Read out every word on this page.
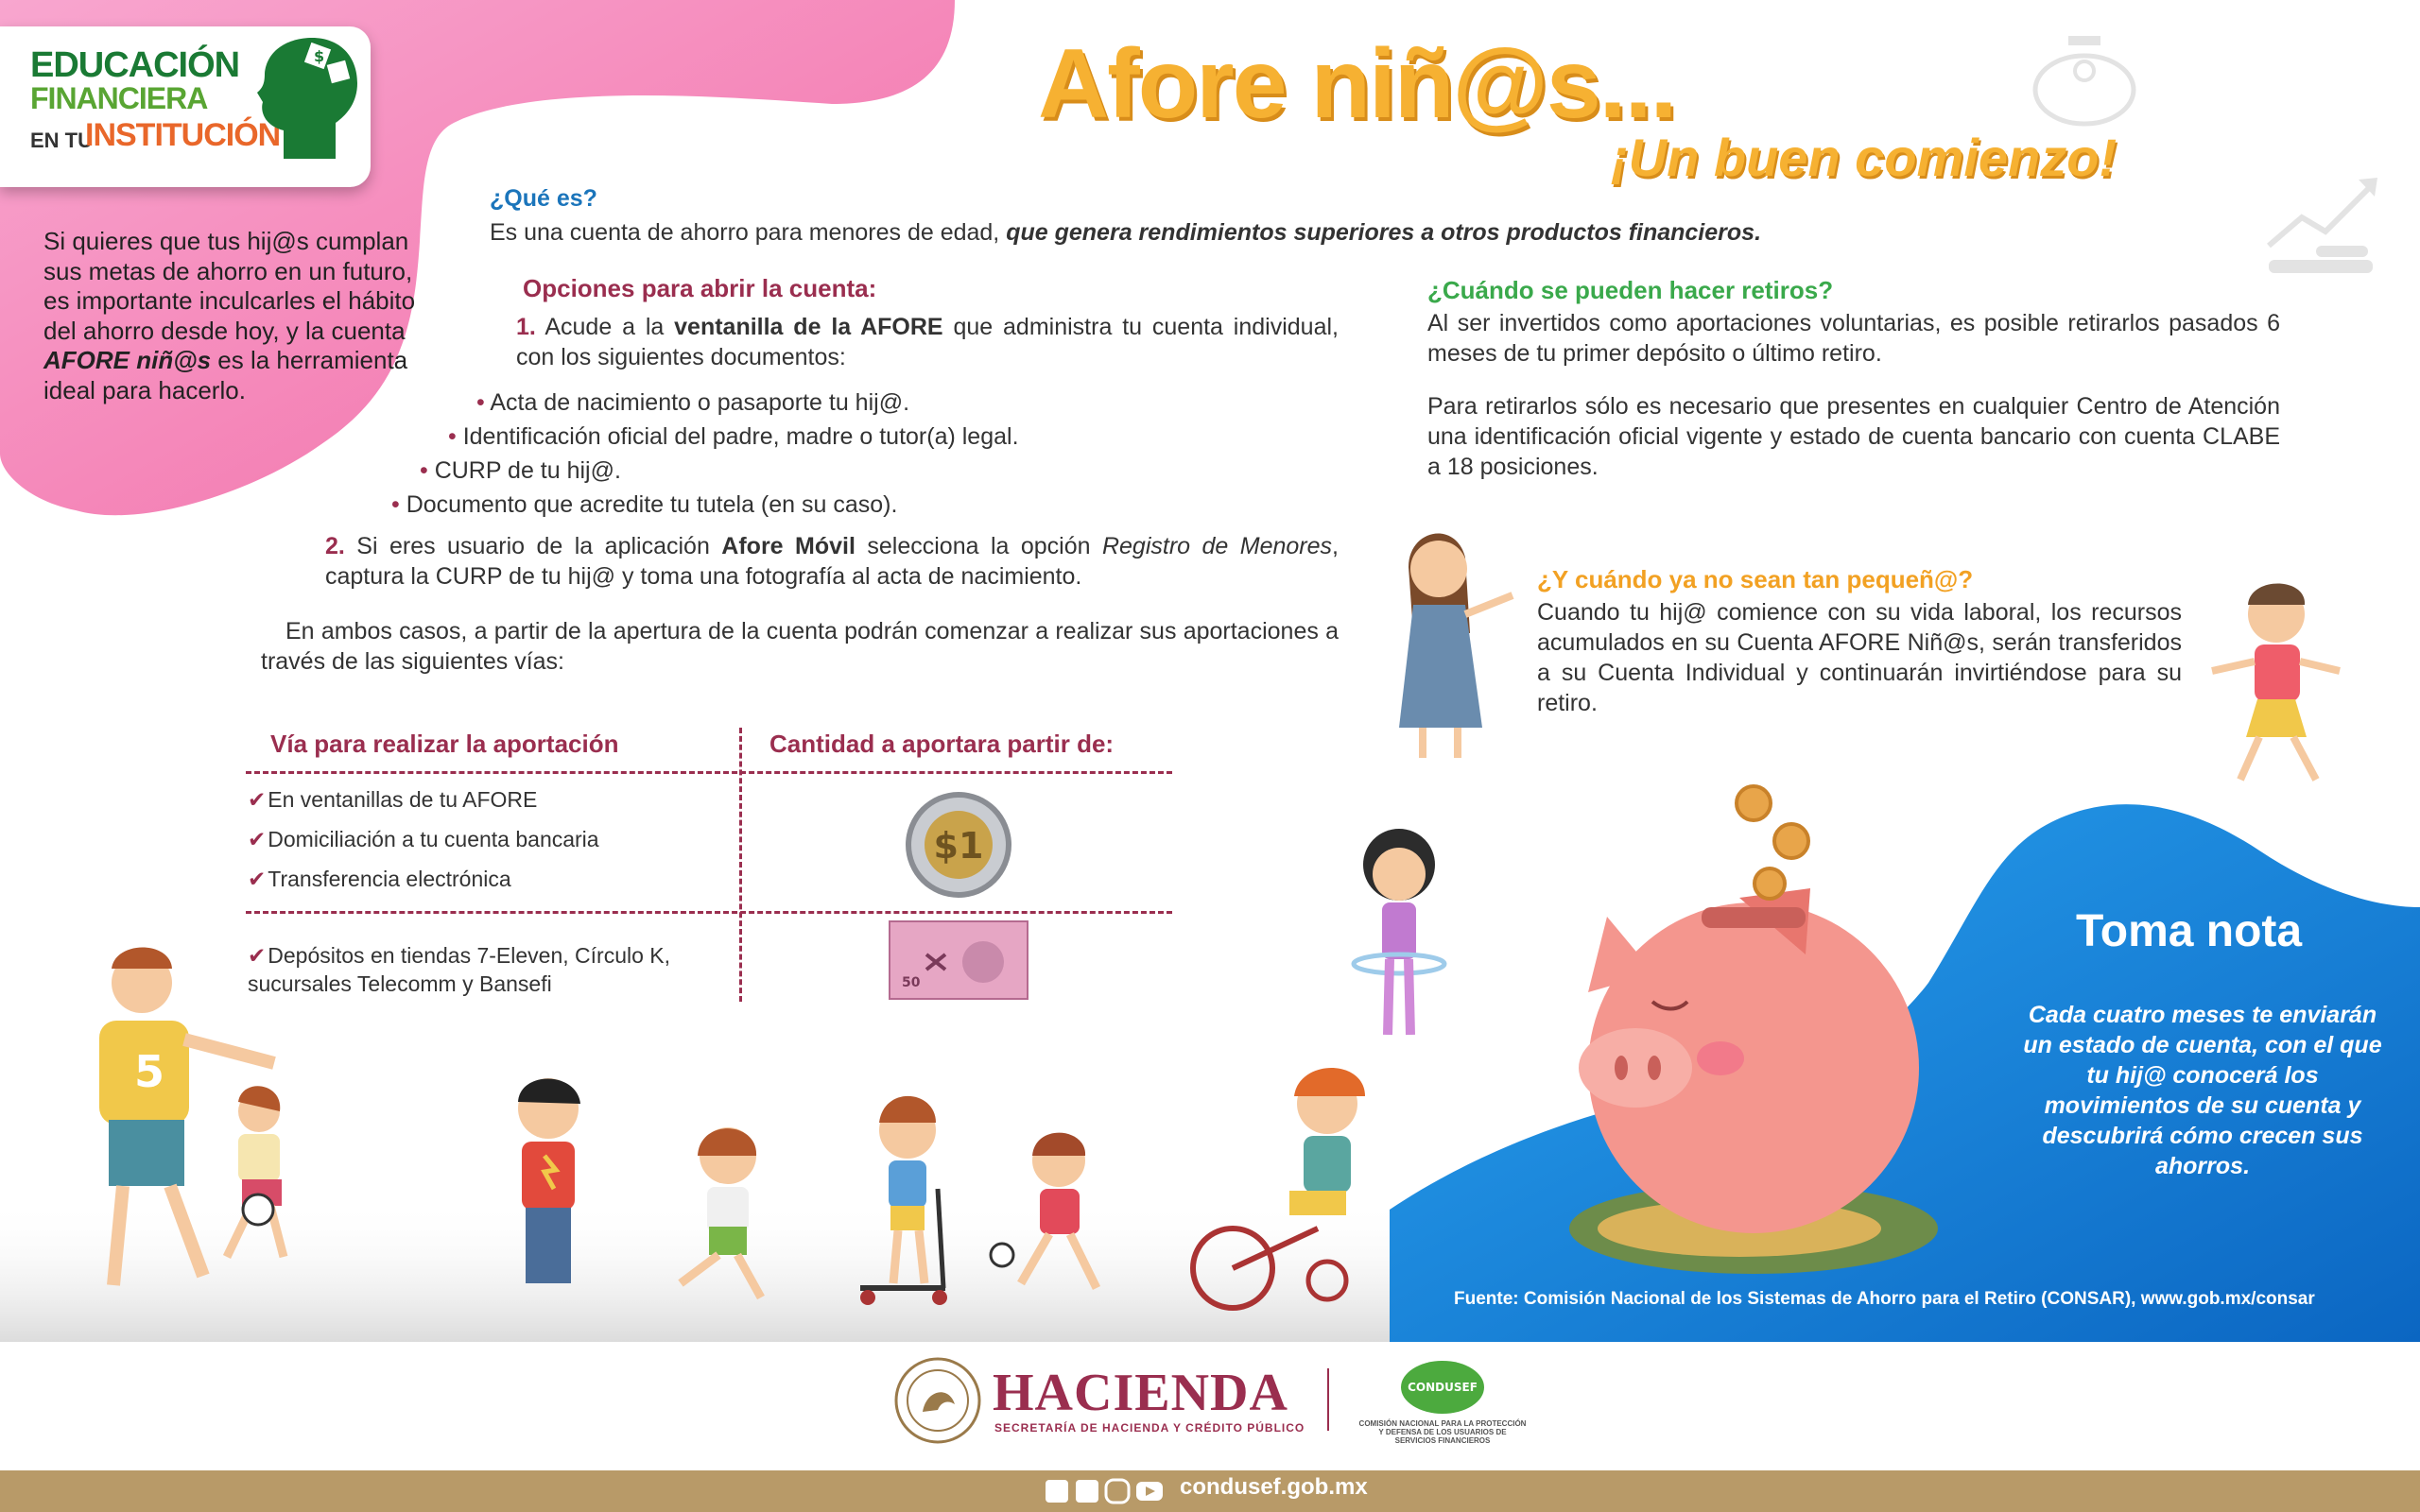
EDUCACIÓN
FINANCIERA
EN TU
INSTITUCIÓN
$
Si quieres que tus hij@s cumplan sus metas de ahorro en un futuro, es importante inculcarles el hábito del ahorro desde hoy, y la cuenta AFORE niñ@s es la herramienta ideal para hacerlo.
Afore niñ@s...
¡Un buen comienzo!
¿Qué es?
Es una cuenta de ahorro para menores de edad, que genera rendimientos superiores a otros productos financieros.
Opciones para abrir la cuenta:
1. Acude a la ventanilla de la AFORE que administra tu cuenta individual, con los siguientes documentos:
• Acta de nacimiento o pasaporte tu hij@.
• Identificación oficial del padre, madre o tutor(a) legal.
• CURP de tu hij@.
• Documento que acredite tu tutela (en su caso).
2. Si eres usuario de la aplicación Afore Móvil selecciona la opción Registro de Menores, captura la CURP de tu hij@ y toma una fotografía al acta de nacimiento.
En ambos casos, a partir de la apertura de la cuenta podrán comenzar a realizar sus aportaciones a través de las siguientes vías:
Vía para realizar la aportación	Cantidad a aportara partir de:
✔ En ventanillas de tu AFORE
✔ Domiciliación a tu cuenta bancaria
✔ Transferencia electrónica
✔ Depósitos en tiendas 7-Eleven, Círculo K, sucursales Telecomm y Bansefi
$1
50
¿Cuándo se pueden hacer retiros?
Al ser invertidos como aportaciones voluntarias, es posible retirarlos pasados 6 meses de tu primer depósito o último retiro.
Para retirarlos sólo es necesario que presentes en cualquier Centro de Atención una identificación oficial vigente y estado de cuenta bancario con cuenta CLABE a 18 posiciones.
¿Y cuándo ya no sean tan pequeñ@?
Cuando tu hij@ comience con su vida laboral, los recursos acumulados en su Cuenta AFORE Niñ@s, serán transferidos a su Cuenta Individual y continuarán invirtiéndose para su retiro.
5
Toma nota
Cada cuatro meses te enviarán un estado de cuenta, con el que tu hij@ conocerá los movimientos de su cuenta y descubrirá cómo crecen sus ahorros.
Fuente: Comisión Nacional de los Sistemas de Ahorro para el Retiro (CONSAR), www.gob.mx/consar
HACIENDA
SECRETARÍA DE HACIENDA Y CRÉDITO PÚBLICO
CONDUSEF
COMISIÓN NACIONAL PARA LA PROTECCIÓN Y DEFENSA DE LOS USUARIOS DE SERVICIOS FINANCIEROS
condusef.gob.mx
